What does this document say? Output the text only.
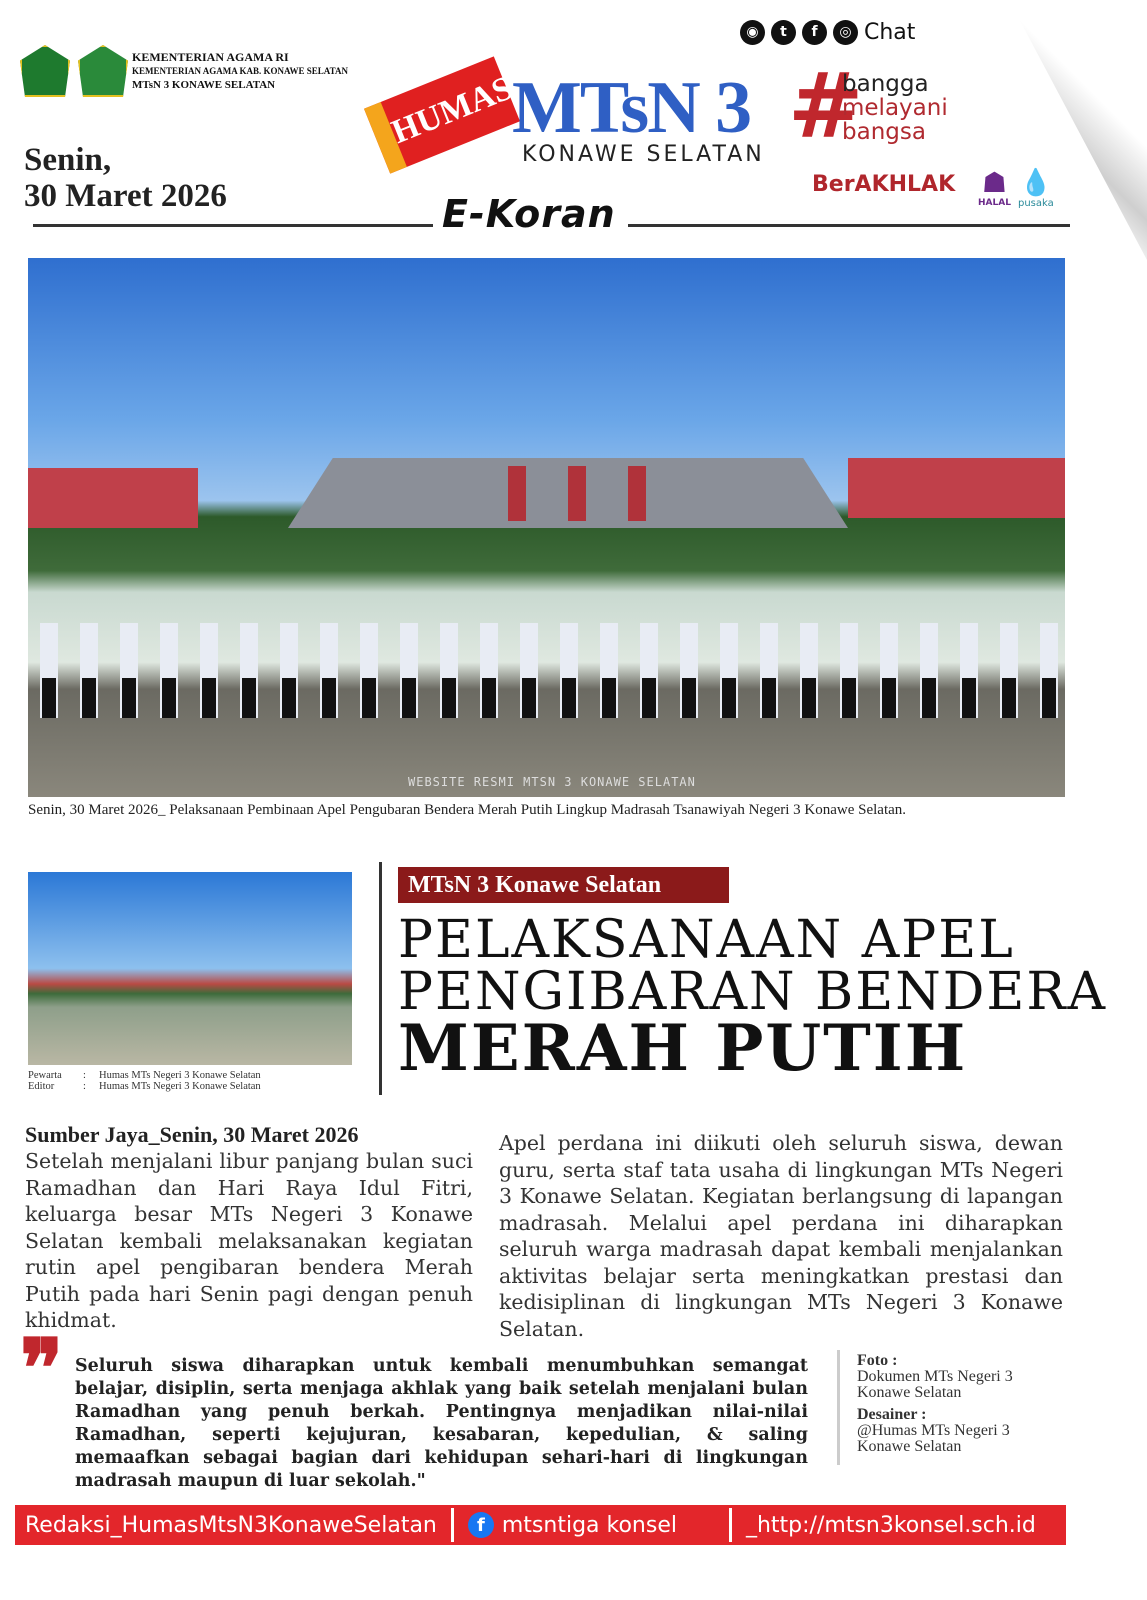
KEMENTERIAN AGAMA RI
KEMENTERIAN AGAMA KAB. KONAWE SELATAN
MTsN 3 KONAWE SELATAN
Senin,
30 Maret 2026
HUMAS
MTsN 3
KONAWE SELATAN #
bangga
melayani
bangsa
BerAKHLAK ☗
HALAL
💧
pusaka
◉	t	f	◎ Chat
E-Koran
WEBSITE RESMI MTSN 3 KONAWE SELATAN
Senin, 30 Maret 2026_ Pelaksanaan Pembinaan Apel Pengubaran Bendera Merah Putih Lingkup Madrasah Tsanawiyah Negeri 3 Konawe Selatan.
Pewarta : Humas MTs Negeri 3 Konawe Selatan
Editor	: Humas MTs Negeri 3 Konawe Selatan
MTsN 3 Konawe Selatan
PELAKSANAAN APEL
PENGIBARAN BENDERA
MERAH PUTIH
Sumber Jaya_Senin, 30 Maret 2026
Setelah menjalani libur panjang bulan suci Ramadhan dan Hari Raya Idul Fitri, keluarga besar MTs Negeri 3 Konawe Selatan kembali melaksanakan kegiatan rutin apel pengibaran bendera Merah Putih pada hari Senin pagi dengan penuh khidmat.
Apel perdana ini diikuti oleh seluruh siswa, dewan guru, serta staf tata usaha di lingkungan MTs Negeri 3 Konawe Selatan. Kegiatan berlangsung di lapangan madrasah. Melalui apel perdana ini diharapkan seluruh warga madrasah dapat kembali menjalankan aktivitas belajar serta meningkatkan prestasi dan kedisiplinan di lingkungan MTs Negeri 3 Konawe Selatan.
❞ Seluruh siswa diharapkan untuk kembali menumbuhkan semangat belajar, disiplin, serta menjaga akhlak yang baik setelah menjalani bulan Ramadhan yang penuh berkah. Pentingnya menjadikan nilai-nilai Ramadhan, seperti kejujuran, kesabaran, kepedulian, & saling memaafkan sebagai bagian dari kehidupan sehari-hari di lingkungan madrasah maupun di luar sekolah."
Foto :
Dokumen MTs Negeri 3 Konawe Selatan
Desainer :
@Humas MTs Negeri 3 Konawe Selatan
Redaksi_HumasMtsN3KonaweSelatan	f mtsntiga konsel	_http://mtsn3konsel.sch.id
